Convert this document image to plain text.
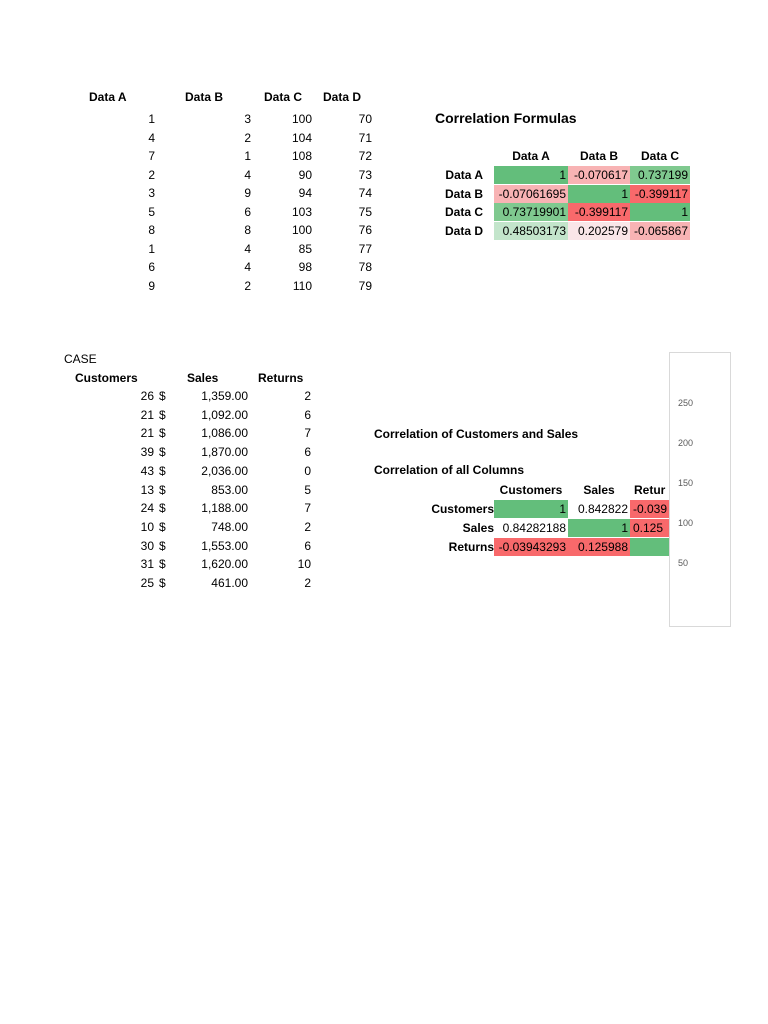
Data A	Data B	Data C Data D
1	3	100	70
4	2	104	71
7	1	108	72
2	4	90	73
3	9	94	74
5	6	103	75
8	8	100	76
1	4	85	77
6	4	98	78
9	2	110	79
Correlation Formulas
Data A	Data B	Data C
Data A	1 -0.070617 0.737199
Data B	-0.07061695	1 -0.399117
Data C	0.73719901 -0.399117	1
Data D	0.48503173 0.202579 -0.065867
CASE
Customers	Sales	Returns
26 $	1,359.00	2
21 $	1,092.00	6
21 $	1,086.00	7
39 $	1,870.00	6
43 $	2,036.00	0
13 $	853.00	5
24 $	1,188.00	7
10 $	748.00	2
30 $	1,553.00	6
31 $	1,620.00	10
25 $	461.00	2
Correlation of Customers and Sales
Correlation of all Columns
Customers	Sales	Retur
Customers	1 0.842822 -0.039
Sales 0.84282188	1 0.125
Returns -0.03943293 0.125988
250
200
150
100
50
